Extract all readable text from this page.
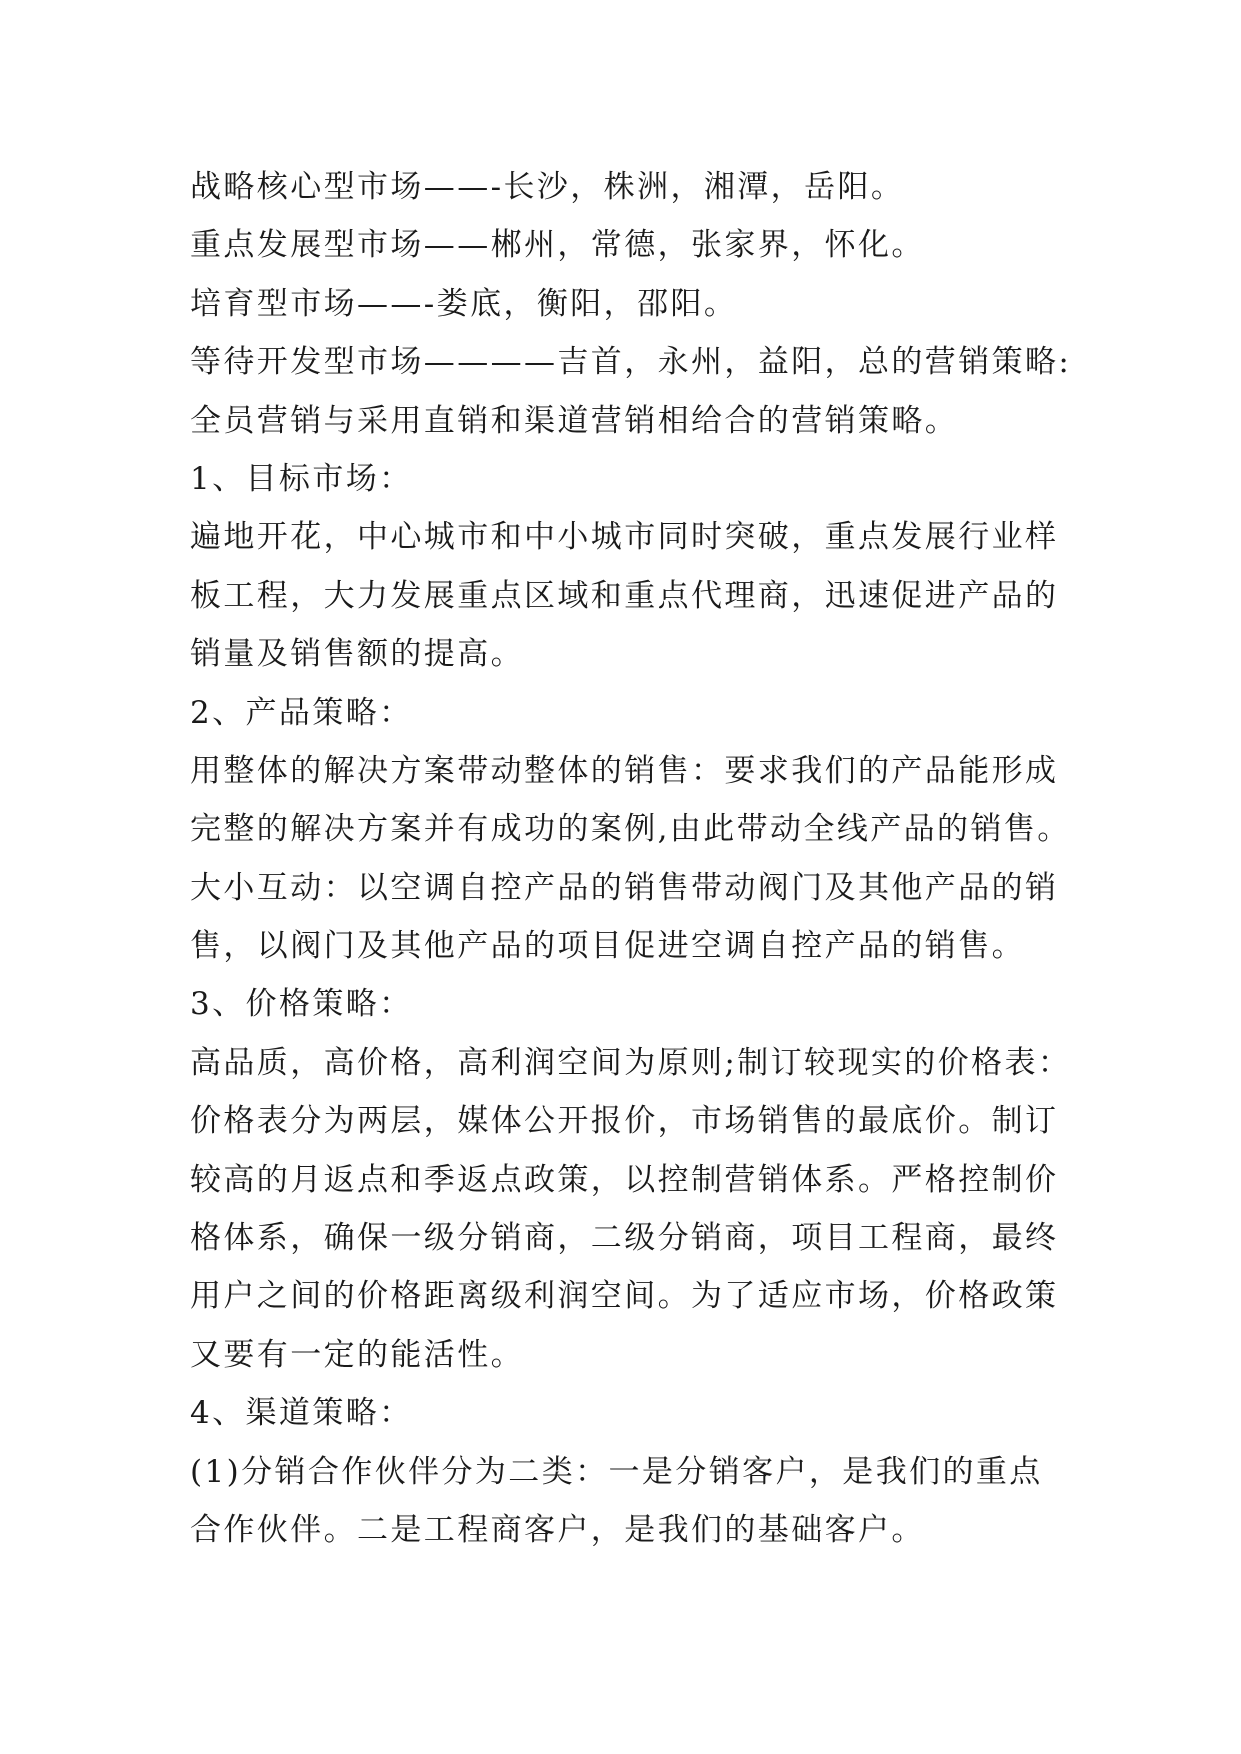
战略核心型市场——-长沙，株洲，湘潭，岳阳。
重点发展型市场——郴州，常德，张家界，怀化。
培育型市场——-娄底，衡阳，邵阳。
等待开发型市场————吉首，永州，益阳，总的营销策略:
全员营销与采用直销和渠道营销相给合的营销策略。
1、目标市场：
遍地开花，中心城市和中小城市同时突破，重点发展行业样
板工程，大力发展重点区域和重点代理商，迅速促进产品的
销量及销售额的提高。
2、产品策略：
用整体的解决方案带动整体的销售：要求我们的产品能形成
完整的解决方案并有成功的案例,由此带动全线产品的销售。
大小互动：以空调自控产品的销售带动阀门及其他产品的销
售，以阀门及其他产品的项目促进空调自控产品的销售。
3、价格策略：
高品质，高价格，高利润空间为原则;制订较现实的价格表：
价格表分为两层，媒体公开报价，市场销售的最底价。制订
较高的月返点和季返点政策，以控制营销体系。严格控制价
格体系，确保一级分销商，二级分销商，项目工程商，最终
用户之间的价格距离级利润空间。为了适应市场，价格政策
又要有一定的能活性。
4、渠道策略：
(1)分销合作伙伴分为二类：一是分销客户，是我们的重点
合作伙伴。二是工程商客户，是我们的基础客户。
